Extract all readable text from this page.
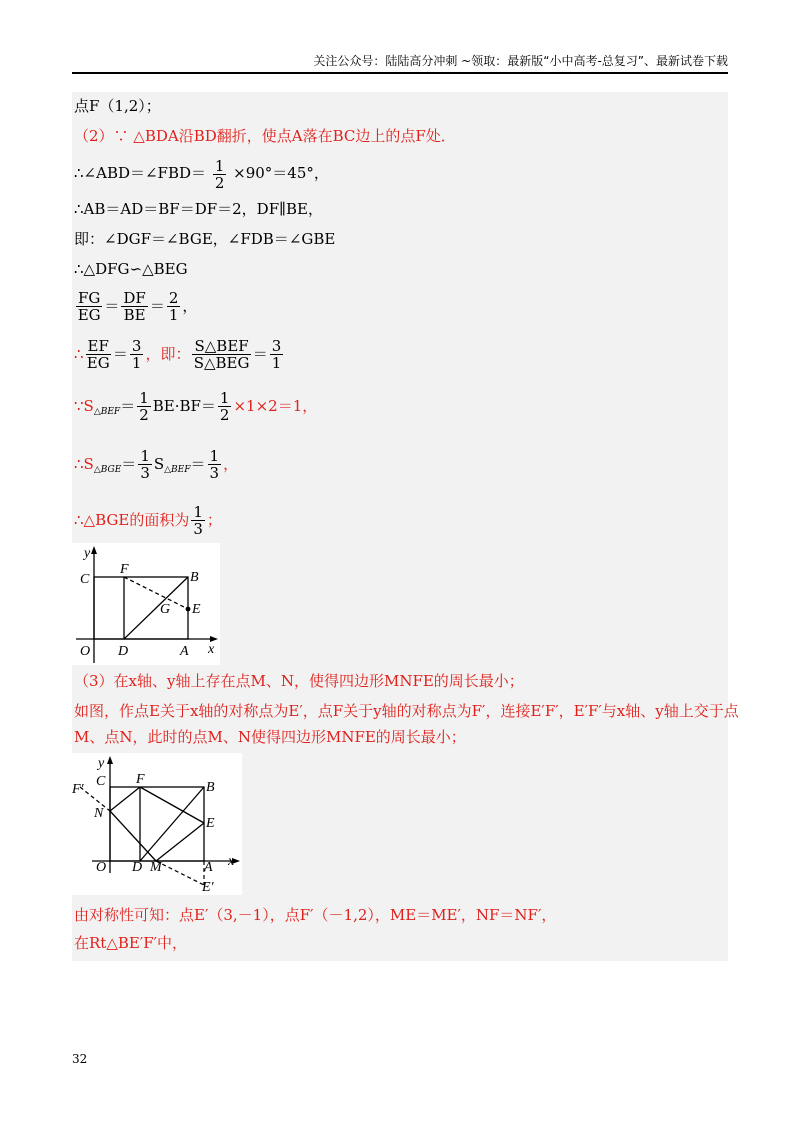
关注公众号：陆陆高分冲刺 ~领取：最新版“小中高考-总复习”、最新试卷下载
点F（1,2）；
（2）∵ △BDA沿BD翻折，使点A落在BC边上的点F处．
∴∠ABD＝∠FBD＝ $\frac{1}{2} \times 90^\circ=45^\circ$，
∴AB＝AD＝BF＝DF＝2，DF∥BE，
即：∠DGF＝∠BGE，∠FDB＝∠GBE
∴△DFG∽△BEG
$\frac{FG}{EG} = \frac{DF}{BE} = \frac{2}{1}$ ，
∴ $\frac{EF}{EG} = \frac{3}{1}$ ，即： $\frac{\text{S△BEF}}{\text{S△BEG}} = \frac{3}{1}$
$\because S_{\triangle BEF}= \frac{1}{2} BE\cdot BF= \frac{1}{2} \times 1\times 2=1$，
$\therefore S_{\triangle BGE}= \frac{1}{3} S_{\triangle BEF}= \frac{1}{3}$ ，
∴△BGE的面积为 $\frac{1}{3}$ ；
y
x
C
F
B
G E
O D	A
（3）在x轴、y轴上存在点M、N，使得四边形MNFE的周长最小；
如图，作点E关于x轴的对称点为E′，点F关于y轴的对称点为F′，连接E′F′，E′F′与x轴、y轴上交于点
M、点N，此时的点M、N使得四边形MNFE的周长最小；
y
x
F′
C F
B
N
E
O D M	A
E′
由对称性可知：点E′（3,－1），点F′（－1,2），ME＝ME′，NF＝NF′，
在Rt△BE′F′中，
32
